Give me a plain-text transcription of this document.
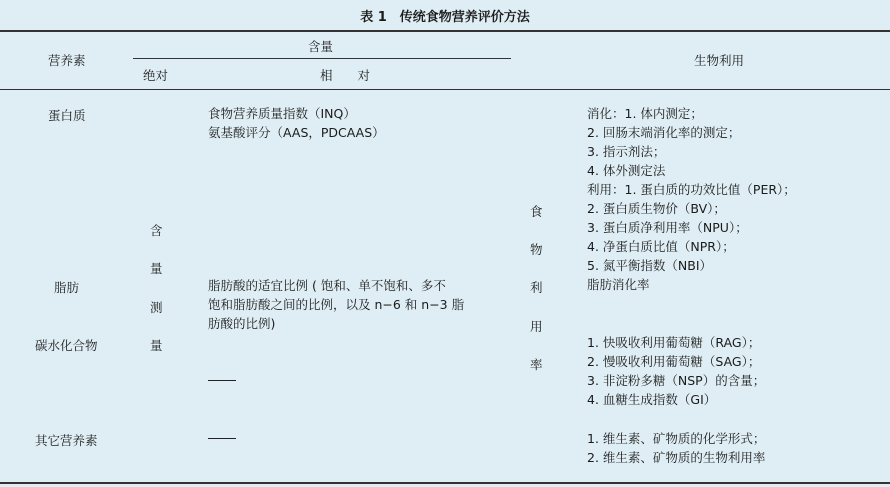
表 1　传统食物营养评价方法
营养素
含量
绝对	相　　对
生物利用
蛋白质
脂肪
碳水化合物
其它营养素
含
量
测
量
食物营养质量指数（INQ）
氨基酸评分（AAS，PDCAAS）
脂肪酸的适宜比例 ( 饱和、单不饱和、多不
饱和脂肪酸之间的比例，以及 n−6 和 n−3 脂
肪酸的比例)
食
物
利
用
率
消化：1. 体内测定；
2. 回肠末端消化率的测定；
3. 指示剂法；
4. 体外测定法
利用：1. 蛋白质的功效比值（PER）；
2. 蛋白质生物价（BV）；
3. 蛋白质净利用率（NPU）；
4. 净蛋白质比值（NPR）；
5. 氮平衡指数（NBI）
脂肪消化率
1. 快吸收利用葡萄糖（RAG）；
2. 慢吸收利用葡萄糖（SAG）；
3. 非淀粉多糖（NSP）的含量；
4. 血糖生成指数（GI）
1. 维生素、矿物质的化学形式；
2. 维生素、矿物质的生物利用率
